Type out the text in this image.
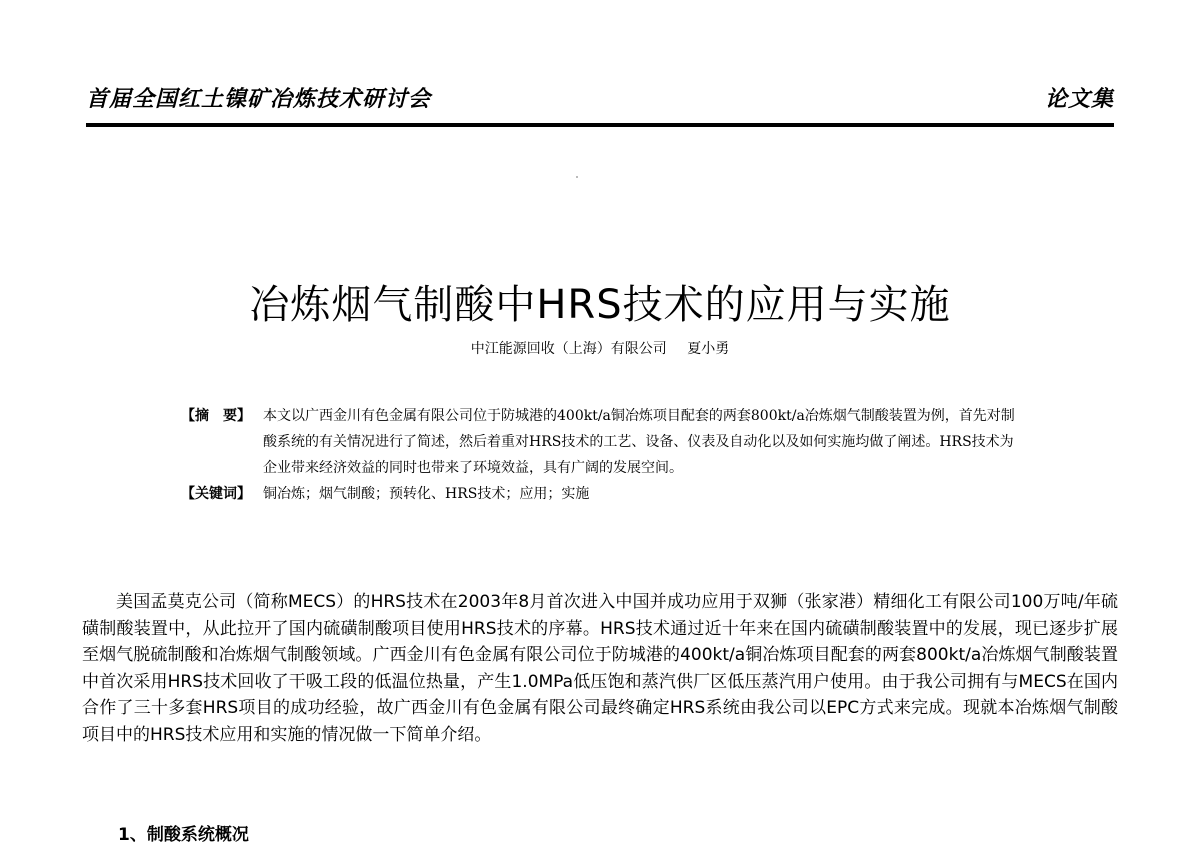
首届全国红土镍矿冶炼技术研讨会	论文集
冶炼烟气制酸中HRS技术的应用与实施
中江能源回收（上海）有限公司 夏小勇
【摘　要】 本文以广西金川有色金属有限公司位于防城港的400kt/a铜冶炼项目配套的两套800kt/a冶炼烟气制酸装置为例，首先对制酸系统的有关情况进行了简述，然后着重对HRS技术的工艺、设备、仪表及自动化以及如何实施均做了阐述。HRS技术为企业带来经济效益的同时也带来了环境效益，具有广阔的发展空间。
【关键词】 铜冶炼；烟气制酸；预转化、HRS技术；应用；实施

美国孟莫克公司（简称MECS）的HRS技术在2003年8月首次进入中国并成功应用于双狮（张家港）精细化工有限公司100万吨/年硫磺制酸装置中，从此拉开了国内硫磺制酸项目使用HRS技术的序幕。HRS技术通过近十年来在国内硫磺制酸装置中的发展，现已逐步扩展至烟气脱硫制酸和冶炼烟气制酸领域。广西金川有色金属有限公司位于防城港的400kt/a铜冶炼项目配套的两套800kt/a冶炼烟气制酸装置中首次采用HRS技术回收了干吸工段的低温位热量，产生1.0MPa低压饱和蒸汽供厂区低压蒸汽用户使用。由于我公司拥有与MECS在国内合作了三十多套HRS项目的成功经验，故广西金川有色金属有限公司最终确定HRS系统由我公司以EPC方式来完成。现就本冶炼烟气制酸项目中的HRS技术应用和实施的情况做一下简单介绍。

1、制酸系统概况
